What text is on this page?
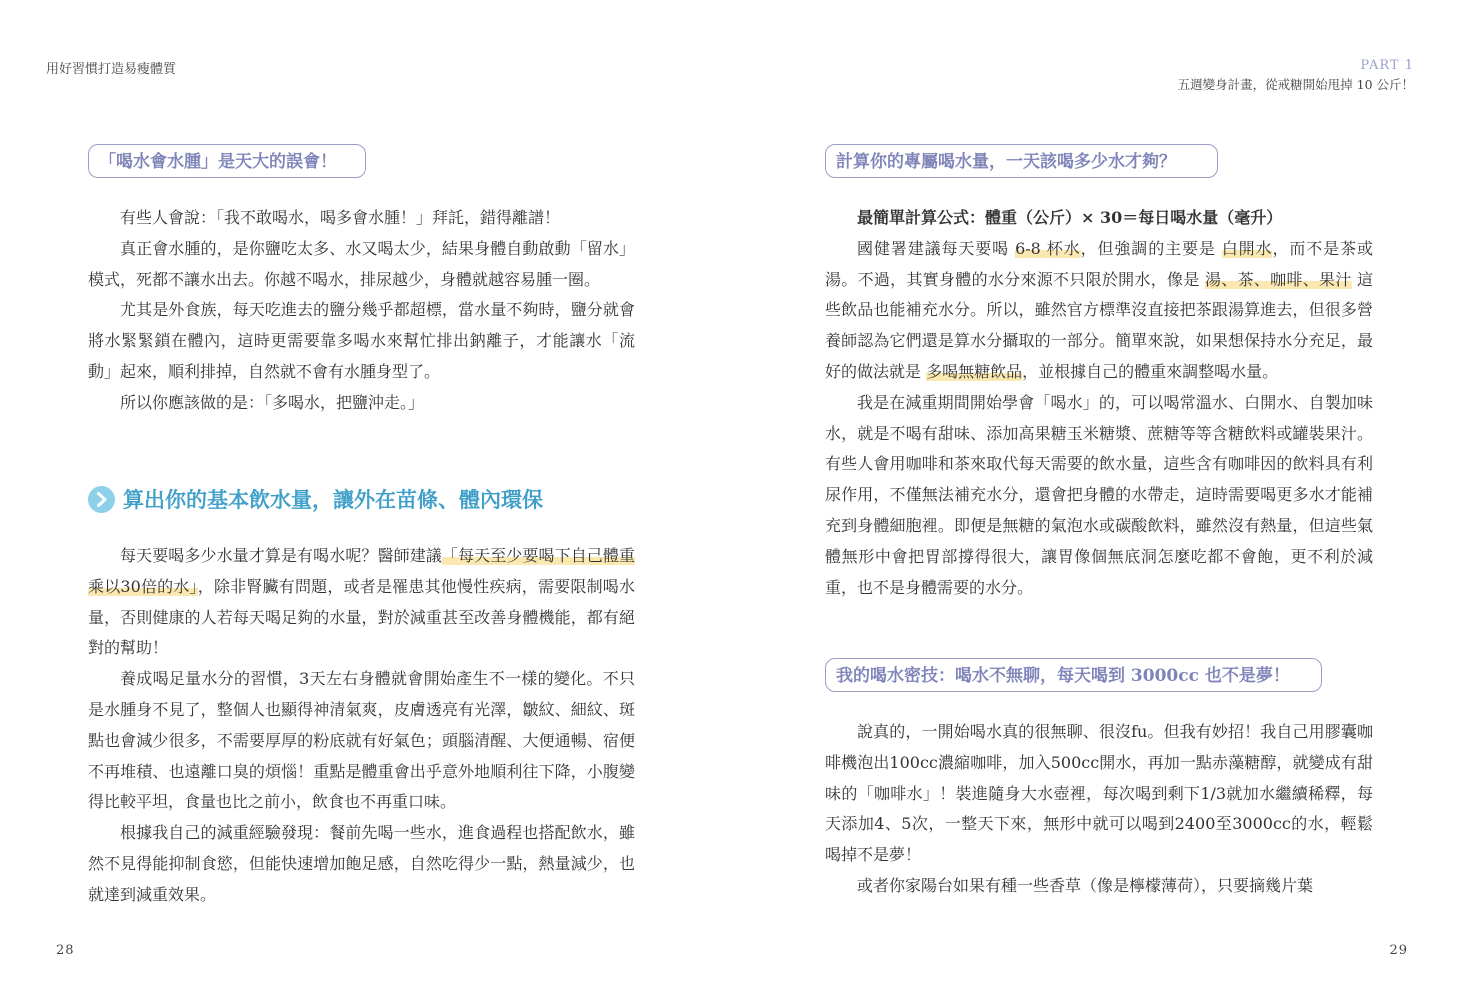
用好習慣打造易瘦體質
「喝水會水腫」是天大的誤會！

有些人會說：「我不敢喝水，喝多會水腫！」拜託，錯得離譜！

真正會水腫的，是你鹽吃太多、水又喝太少，結果身體自動啟動「留水」模式，死都不讓水出去。你越不喝水，排尿越少，身體就越容易腫一圈。

尤其是外食族，每天吃進去的鹽分幾乎都超標，當水量不夠時，鹽分就會將水緊緊鎖在體內，這時更需要靠多喝水來幫忙排出鈉離子，才能讓水「流動」起來，順利排掉，自然就不會有水腫身型了。

所以你應該做的是：「多喝水，把鹽沖走。」

算出你的基本飲水量，讓外在苗條、體內環保

每天要喝多少水量才算是有喝水呢？醫師建議「每天至少要喝下自己體重乘以30倍的水」，除非腎臟有問題，或者是罹患其他慢性疾病，需要限制喝水量，否則健康的人若每天喝足夠的水量，對於減重甚至改善身體機能，都有絕對的幫助！

養成喝足量水分的習慣，3天左右身體就會開始產生不一樣的變化。不只是水腫身不見了，整個人也顯得神清氣爽，皮膚透亮有光澤，皺紋、細紋、斑點也會減少很多，不需要厚厚的粉底就有好氣色；頭腦清醒、大便通暢、宿便不再堆積、也遠離口臭的煩惱！重點是體重會出乎意外地順利往下降，小腹變得比較平坦，食量也比之前小，飲食也不再重口味。

根據我自己的減重經驗發現：餐前先喝一些水，進食過程也搭配飲水，雖然不見得能抑制食慾，但能快速增加飽足感，自然吃得少一點，熱量減少，也就達到減重效果。

28
PART 1
五週變身計畫，從戒糖開始甩掉 10 公斤！
計算你的專屬喝水量，一天該喝多少水才夠？

最簡單計算公式：體重（公斤）× 30＝每日喝水量（毫升）

國健署建議每天要喝 6-8 杯水，但強調的主要是 白開水，而不是茶或湯。不過，其實身體的水分來源不只限於開水，像是 湯、茶、咖啡、果汁 這些飲品也能補充水分。所以，雖然官方標準沒直接把茶跟湯算進去，但很多營養師認為它們還是算水分攝取的一部分。簡單來說，如果想保持水分充足，最好的做法就是 多喝無糖飲品，並根據自己的體重來調整喝水量。

我是在減重期間開始學會「喝水」的，可以喝常溫水、白開水、自製加味水，就是不喝有甜味、添加高果糖玉米糖漿、蔗糖等等含糖飲料或罐裝果汁。有些人會用咖啡和茶來取代每天需要的飲水量，這些含有咖啡因的飲料具有利尿作用，不僅無法補充水分，還會把身體的水帶走，這時需要喝更多水才能補充到身體細胞裡。即便是無糖的氣泡水或碳酸飲料，雖然沒有熱量，但這些氣體無形中會把胃部撐得很大，讓胃像個無底洞怎麼吃都不會飽，更不利於減重，也不是身體需要的水分。

我的喝水密技：喝水不無聊，每天喝到 3000cc 也不是夢！

說真的，一開始喝水真的很無聊、很沒fu。但我有妙招！我自己用膠囊咖啡機泡出100cc濃縮咖啡，加入500cc開水，再加一點赤藻糖醇，就變成有甜味的「咖啡水」！裝進隨身大水壺裡，每次喝到剩下1/3就加水繼續稀釋，每天添加4、5次，一整天下來，無形中就可以喝到2400至3000cc的水，輕鬆喝掉不是夢！

或者你家陽台如果有種一些香草（像是檸檬薄荷），只要摘幾片葉

29
